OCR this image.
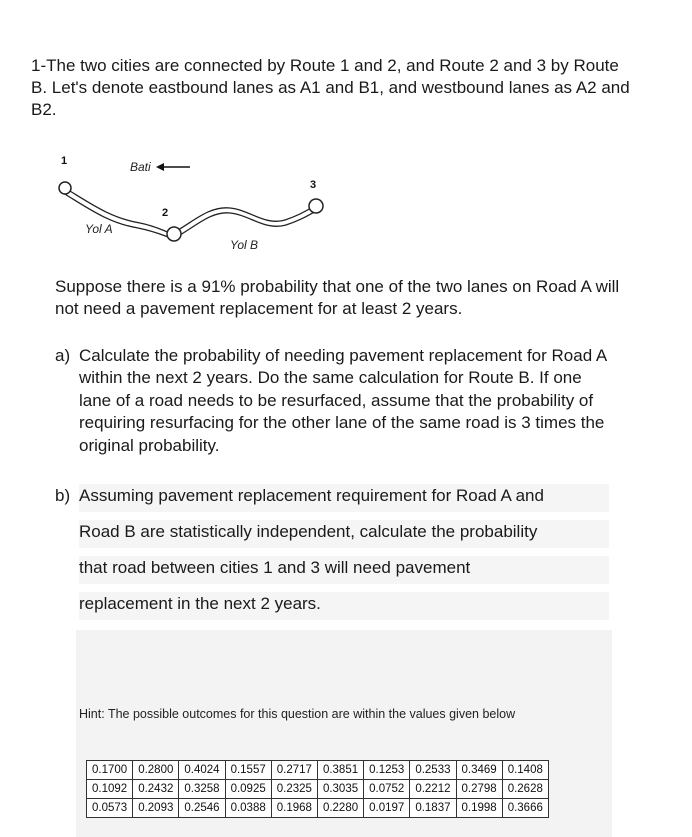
1-The two cities are connected by Route 1 and 2, and Route 2 and 3 by Route B. Let's denote eastbound lanes as A1 and B1, and westbound lanes as A2 and B2.

1
2
3
Bati
Yol A
Yol B

Suppose there is a 91% probability that one of the two lanes on Road A will not need a pavement replacement for at least 2 years.

a) Calculate the probability of needing pavement replacement for Road A within the next 2 years. Do the same calculation for Route B. If one lane of a road needs to be resurfaced, assume that the probability of requiring resurfacing for the other lane of the same road is 3 times the original probability.
b) Assuming pavement replacement requirement for Road A and
Road B are statistically independent, calculate the probability
that road between cities 1 and 3 will need pavement
replacement in the next 2 years.
Hint: The possible outcomes for this question are within the values given below
0.1700	0.2800	0.4024	0.1557	0.2717	0.3851	0.1253	0.2533	0.3469	0.1408
0.1092	0.2432	0.3258	0.0925	0.2325	0.3035	0.0752	0.2212	0.2798	0.2628
0.0573	0.2093	0.2546	0.0388	0.1968	0.2280	0.0197	0.1837	0.1998	0.3666
